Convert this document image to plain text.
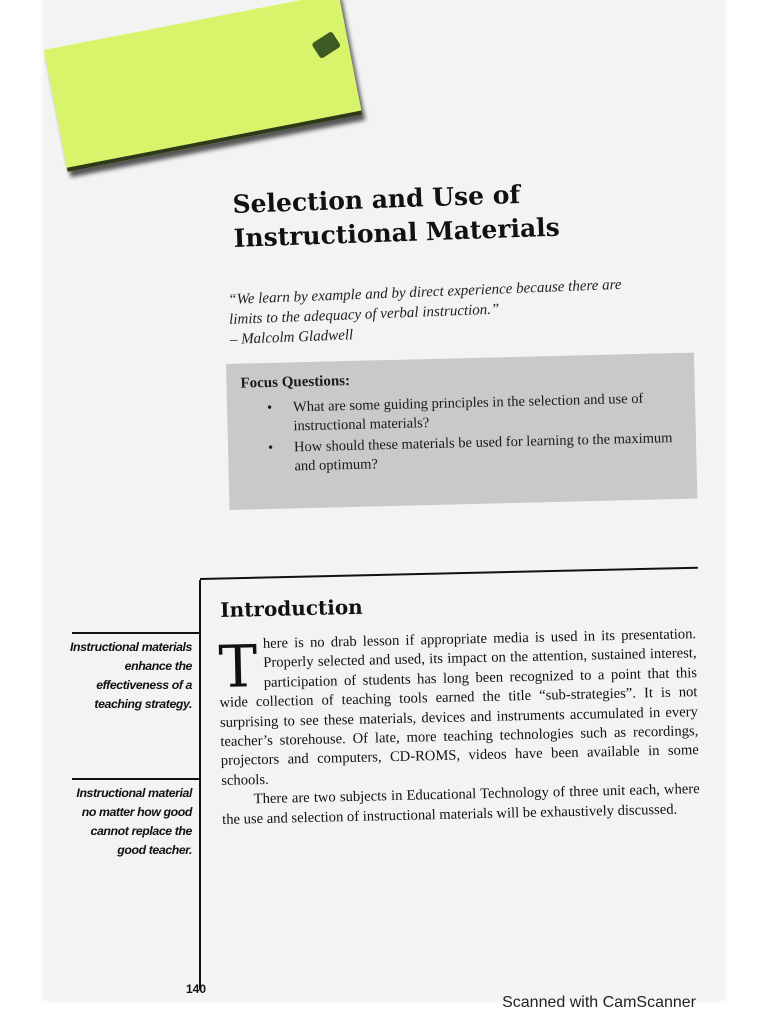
Selection and Use of
Instructional Materials
“We learn by example and by direct experience because there are
limits to the adequacy of verbal instruction.”
– Malcolm Gladwell
Focus Questions:
• What are some guiding principles in the selection and use of instructional materials?
• How should these materials be used for learning to the maximum and optimum?
Introduction

There is no drab lesson if appropriate media is used in its presentation. Properly selected and used, its impact on the attention, sustained interest, participation of students has long been recognized to a point that this wide collection of teaching tools earned the title “sub-strategies”. It is not surprising to see these materials, devices and instruments accumulated in every teacher’s storehouse. Of late, more teaching technologies such as recordings, projectors and computers, CD-ROMS, videos have been available in some schools.

There are two subjects in Educational Technology of three unit each, where the use and selection of instructional materials will be exhaustively discussed.

Instructional materials enhance the effectiveness of a teaching strategy.
Instructional material no matter how good cannot replace the good teacher.
140
Scanned with CamScanner
